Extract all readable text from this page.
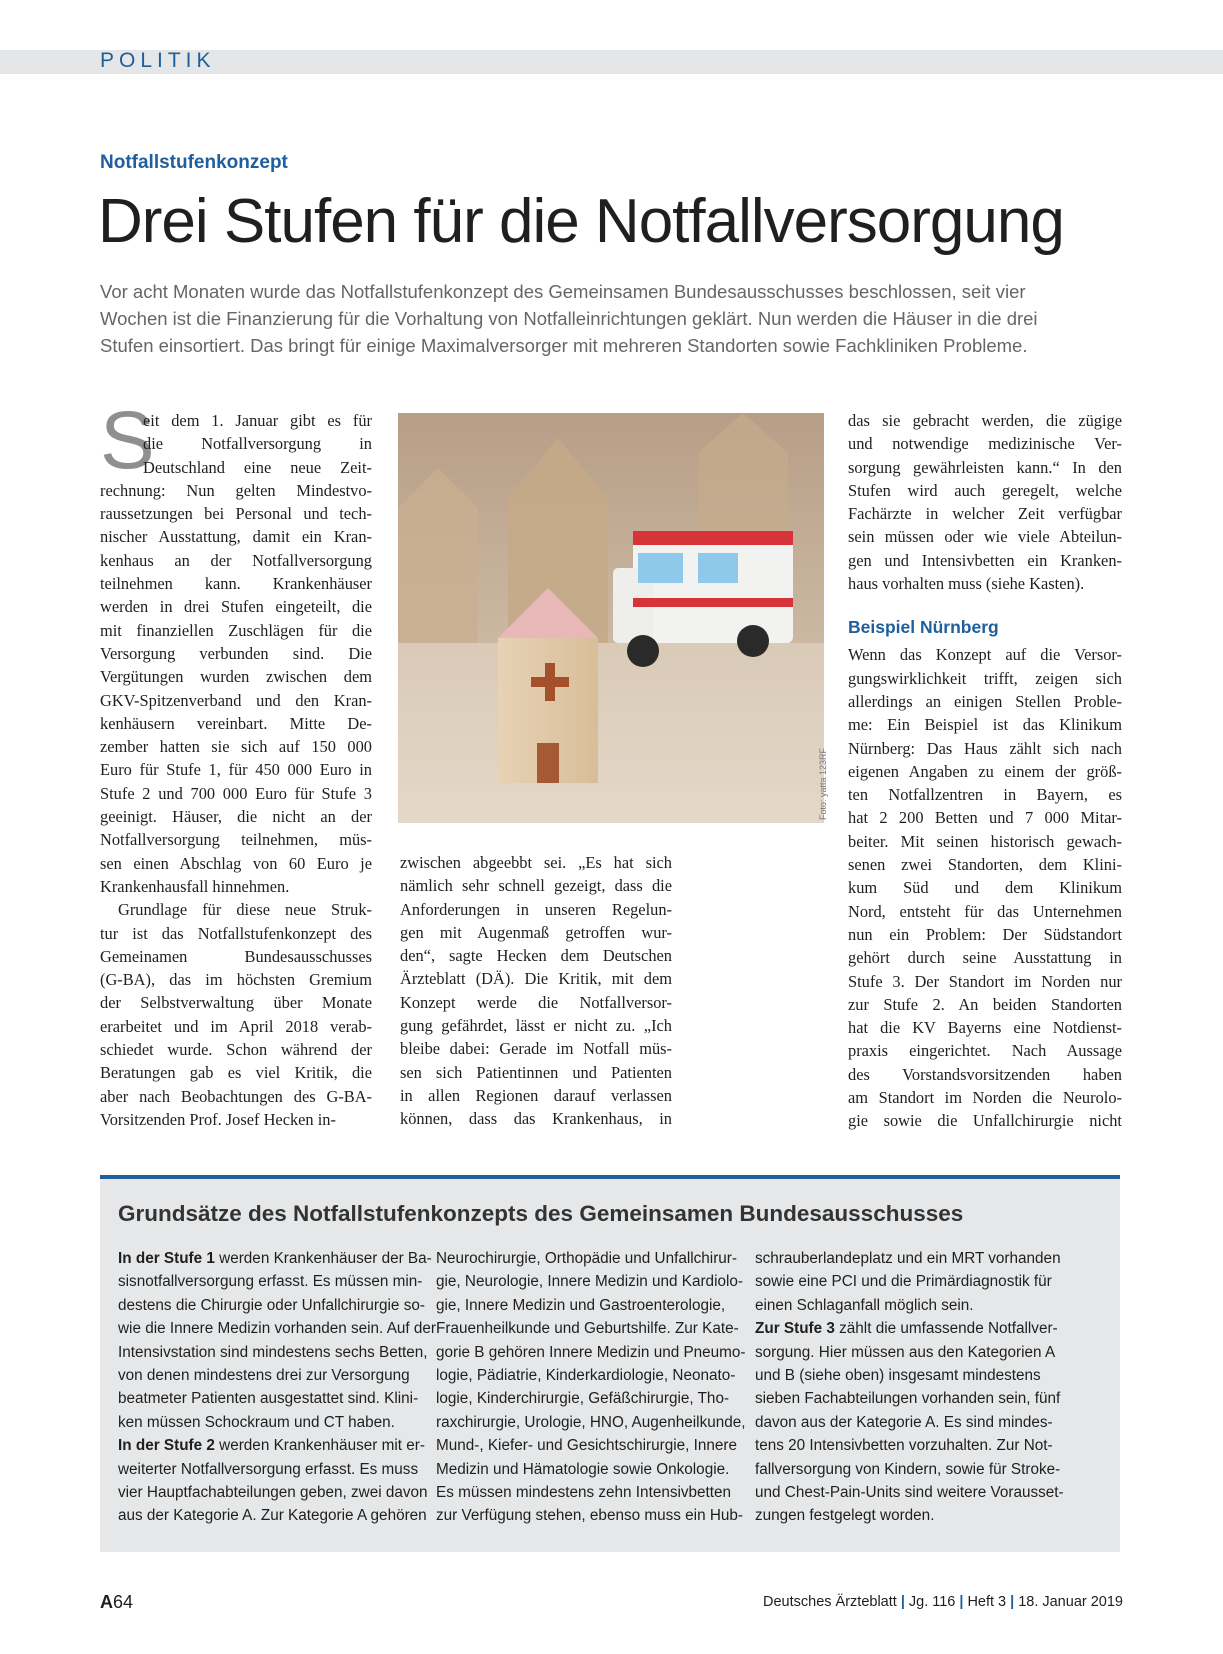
POLITIK
Notfallstufenkonzept
Drei Stufen für die Notfallversorgung

Vor acht Monaten wurde das Notfallstufenkonzept des Gemeinsamen Bundesausschusses beschlossen, seit vier

Wochen ist die Finanzierung für die Vorhaltung von Notfalleinrichtungen geklärt. Nun werden die Häuser in die drei

Stufen einsortiert. Das bringt für einige Maximalversorger mit mehreren Standorten sowie Fachkliniken Probleme.

S
eit dem 1. Januar gibt es für
die Notfallversorgung in
Deutschland eine neue Zeit-
rechnung: Nun gelten Mindestvo-
raussetzungen bei Personal und tech-
nischer Ausstattung, damit ein Kran-
kenhaus an der Notfallversorgung
teilnehmen kann. Krankenhäuser
werden in drei Stufen eingeteilt, die
mit finanziellen Zuschlägen für die
Versorgung verbunden sind. Die
Vergütungen wurden zwischen dem
GKV-Spitzenverband und den Kran-
kenhäusern vereinbart. Mitte De-
zember hatten sie sich auf 150 000
Euro für Stufe 1, für 450 000 Euro in
Stufe 2 und 700 000 Euro für Stufe 3
geeinigt. Häuser, die nicht an der
Notfallversorgung teilnehmen, müs-
sen einen Abschlag von 60 Euro je
Krankenhausfall hinnehmen.
Grundlage für diese neue Struk-
tur ist das Notfallstufenkonzept des
Gemeinamen Bundesausschusses
(G-BA), das im höchsten Gremium
der Selbstverwaltung über Monate
erarbeitet und im April 2018 verab-
schiedet wurde. Schon während der
Beratungen gab es viel Kritik, die
aber nach Beobachtungen des G-BA-
Vorsitzenden Prof. Josef Hecken in-
Foto: yatta 123RF
zwischen abgeebbt sei. „Es hat sich
nämlich sehr schnell gezeigt, dass die
Anforderungen in unseren Regelun-
gen mit Augenmaß getroffen wur-
den“, sagte Hecken dem Deutschen
Ärzteblatt (DÄ). Die Kritik, mit dem
Konzept werde die Notfallversor-
gung gefährdet, lässt er nicht zu. „Ich
bleibe dabei: Gerade im Notfall müs-
sen sich Patientinnen und Patienten
in allen Regionen darauf verlassen
können, dass das Krankenhaus, in
das sie gebracht werden, die zügige
und notwendige medizinische Ver-
sorgung gewährleisten kann.“ In den
Stufen wird auch geregelt, welche
Fachärzte in welcher Zeit verfügbar
sein müssen oder wie viele Abteilun-
gen und Intensivbetten ein Kranken-
haus vorhalten muss (siehe Kasten).
Beispiel Nürnberg
Wenn das Konzept auf die Versor-
gungswirklichkeit trifft, zeigen sich
allerdings an einigen Stellen Proble-
me: Ein Beispiel ist das Klinikum
Nürnberg: Das Haus zählt sich nach
eigenen Angaben zu einem der größ-
ten Notfallzentren in Bayern, es
hat 2 200 Betten und 7 000 Mitar-
beiter. Mit seinen historisch gewach-
senen zwei Standorten, dem Klini-
kum Süd und dem Klinikum
Nord, entsteht für das Unternehmen
nun ein Problem: Der Südstandort
gehört durch seine Ausstattung in
Stufe 3. Der Standort im Norden nur
zur Stufe 2. An beiden Standorten
hat die KV Bayerns eine Notdienst-
praxis eingerichtet. Nach Aussage
des Vorstandsvorsitzenden haben
am Standort im Norden die Neurolo-
gie sowie die Unfallchirurgie nicht
Grundsätze des Notfallstufenkonzepts des Gemeinsamen Bundesausschusses
In der Stufe 1 werden Krankenhäuser der Ba-
sisnotfallversorgung erfasst. Es müssen min-
destens die Chirurgie oder Unfallchirurgie so-
wie die Innere Medizin vorhanden sein. Auf der
Intensivstation sind mindestens sechs Betten,
von denen mindestens drei zur Versorgung
beatmeter Patienten ausgestattet sind. Klini-
ken müssen Schockraum und CT haben.
In der Stufe 2 werden Krankenhäuser mit er-
weiterter Notfallversorgung erfasst. Es muss
vier Hauptfachabteilungen geben, zwei davon
aus der Kategorie A. Zur Kategorie A gehören
Neurochirurgie, Orthopädie und Unfallchirur-
gie, Neurologie, Innere Medizin und Kardiolo-
gie, Innere Medizin und Gastroenterologie,
Frauenheilkunde und Geburtshilfe. Zur Kate-
gorie B gehören Innere Medizin und Pneumo-
logie, Pädiatrie, Kinderkardiologie, Neonato-
logie, Kinderchirurgie, Gefäßchirurgie, Tho-
raxchirurgie, Urologie, HNO, Augenheilkunde,
Mund-, Kiefer- und Gesichtschirurgie, Innere
Medizin und Hämatologie sowie Onkologie.
Es müssen mindestens zehn Intensivbetten
zur Verfügung stehen, ebenso muss ein Hub-
schrauberlandeplatz und ein MRT vorhanden
sowie eine PCI und die Primärdiagnostik für
einen Schlaganfall möglich sein.
Zur Stufe 3 zählt die umfassende Notfallver-
sorgung. Hier müssen aus den Kategorien A
und B (siehe oben) insgesamt mindestens
sieben Fachabteilungen vorhanden sein, fünf
davon aus der Kategorie A. Es sind mindes-
tens 20 Intensivbetten vorzuhalten. Zur Not-
fallversorgung von Kindern, sowie für Stroke-
und Chest-Pain-Units sind weitere Vorausset-
zungen festgelegt worden.
A64	Deutsches Ärzteblatt | Jg. 116 | Heft 3 | 18. Januar 2019
